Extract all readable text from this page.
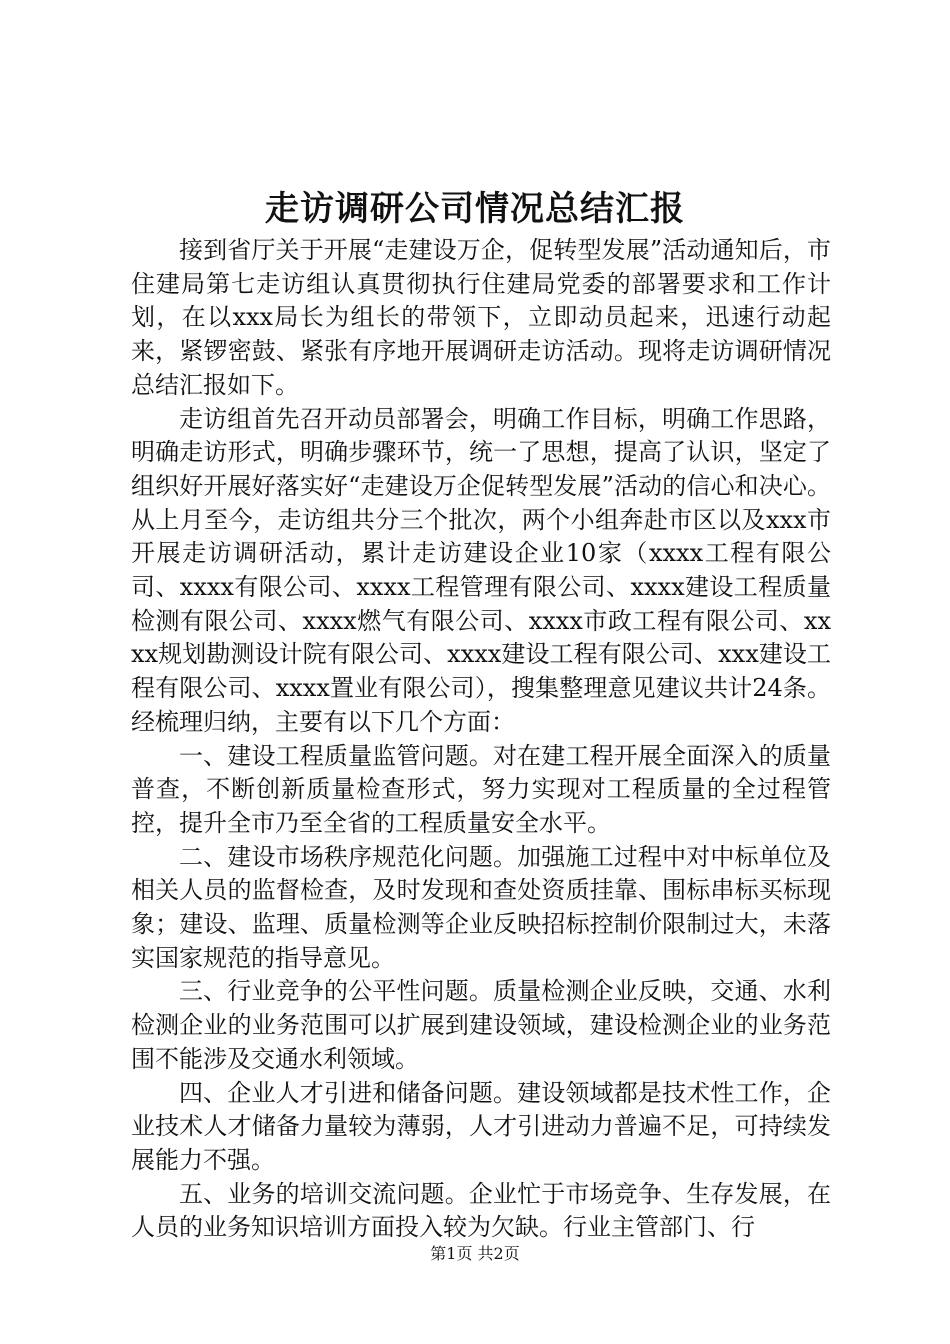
走访调研公司情况总结汇报

接到省厅关于开展“走建设万企，促转型发展”活动通知后，市住建局第七走访组认真贯彻执行住建局党委的部署要求和工作计划，在以xxx局长为组长的带领下，立即动员起来，迅速行动起来，紧锣密鼓、紧张有序地开展调研走访活动。现将走访调研情况总结汇报如下。

走访组首先召开动员部署会，明确工作目标，明确工作思路，明确走访形式，明确步骤环节，统一了思想，提高了认识，坚定了组织好开展好落实好“走建设万企促转型发展”活动的信心和决心。从上月至今，走访组共分三个批次，两个小组奔赴市区以及xxx市开展走访调研活动，累计走访建设企业10家（xxxx工程有限公司、xxxx有限公司、xxxx工程管理有限公司、xxxx建设工程质量检测有限公司、xxxx燃气有限公司、xxxx市政工程有限公司、xxxx规划勘测设计院有限公司、xxxx建设工程有限公司、xxx建设工程有限公司、xxxx置业有限公司），搜集整理意见建议共计24条。经梳理归纳，主要有以下几个方面：

一、建设工程质量监管问题。对在建工程开展全面深入的质量普查，不断创新质量检查形式，努力实现对工程质量的全过程管控，提升全市乃至全省的工程质量安全水平。

二、建设市场秩序规范化问题。加强施工过程中对中标单位及相关人员的监督检查，及时发现和查处资质挂靠、围标串标买标现象；建设、监理、质量检测等企业反映招标控制价限制过大，未落实国家规范的指导意见。

三、行业竞争的公平性问题。质量检测企业反映，交通、水利检测企业的业务范围可以扩展到建设领域，建设检测企业的业务范围不能涉及交通水利领域。

四、企业人才引进和储备问题。建设领域都是技术性工作，企业技术人才储备力量较为薄弱，人才引进动力普遍不足，可持续发展能力不强。

五、业务的培训交流问题。企业忙于市场竞争、生存发展，在人员的业务知识培训方面投入较为欠缺。行业主管部门、行

第1页 共2页
